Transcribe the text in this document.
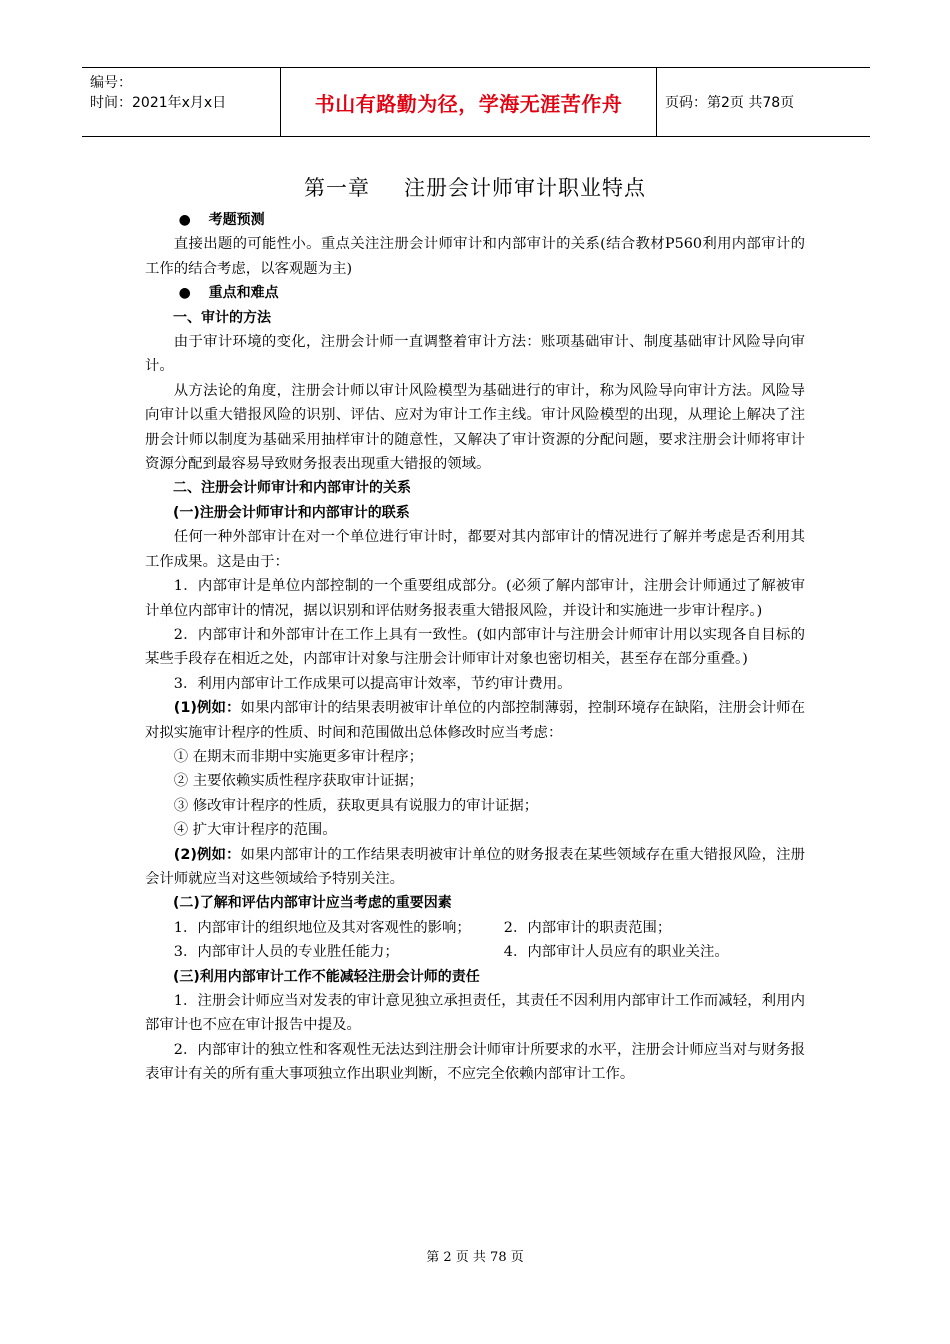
编号：
时间：2021年x月x日	书山有路勤为径，学海无涯苦作舟	页码：第2页 共78页
第一章 注册会计师审计职业特点

● 考题预测

直接出题的可能性小。重点关注注册会计师审计和内部审计的关系(结合教材P560利用内部审计的工作的结合考虑，以客观题为主)

● 重点和难点

一、审计的方法

由于审计环境的变化，注册会计师一直调整着审计方法：账项基础审计、制度基础审计风险导向审计。

从方法论的角度，注册会计师以审计风险模型为基础进行的审计，称为风险导向审计方法。风险导向审计以重大错报风险的识别、评估、应对为审计工作主线。审计风险模型的出现，从理论上解决了注册会计师以制度为基础采用抽样审计的随意性，又解决了审计资源的分配问题，要求注册会计师将审计资源分配到最容易导致财务报表出现重大错报的领域。

二、注册会计师审计和内部审计的关系

(一)注册会计师审计和内部审计的联系

任何一种外部审计在对一个单位进行审计时，都要对其内部审计的情况进行了解并考虑是否利用其工作成果。这是由于：

1．内部审计是单位内部控制的一个重要组成部分。(必须了解内部审计，注册会计师通过了解被审计单位内部审计的情况，据以识别和评估财务报表重大错报风险，并设计和实施进一步审计程序。)

2．内部审计和外部审计在工作上具有一致性。(如内部审计与注册会计师审计用以实现各自目标的某些手段存在相近之处，内部审计对象与注册会计师审计对象也密切相关，甚至存在部分重叠。)

3．利用内部审计工作成果可以提高审计效率，节约审计费用。

(1)例如：如果内部审计的结果表明被审计单位的内部控制薄弱，控制环境存在缺陷，注册会计师在对拟实施审计程序的性质、时间和范围做出总体修改时应当考虑：

① 在期末而非期中实施更多审计程序；

② 主要依赖实质性程序获取审计证据；

③ 修改审计程序的性质，获取更具有说服力的审计证据；

④ 扩大审计程序的范围。

(2)例如：如果内部审计的工作结果表明被审计单位的财务报表在某些领域存在重大错报风险，注册会计师就应当对这些领域给予特别关注。

(二)了解和评估内部审计应当考虑的重要因素

1．内部审计的组织地位及其对客观性的影响；	2．内部审计的职责范围；
3．内部审计人员的专业胜任能力；	4．内部审计人员应有的职业关注。

(三)利用内部审计工作不能减轻注册会计师的责任

1．注册会计师应当对发表的审计意见独立承担责任，其责任不因利用内部审计工作而减轻，利用内部审计也不应在审计报告中提及。

2．内部审计的独立性和客观性无法达到注册会计师审计所要求的水平，注册会计师应当对与财务报表审计有关的所有重大事项独立作出职业判断，不应完全依赖内部审计工作。

第 2 页 共 78 页
